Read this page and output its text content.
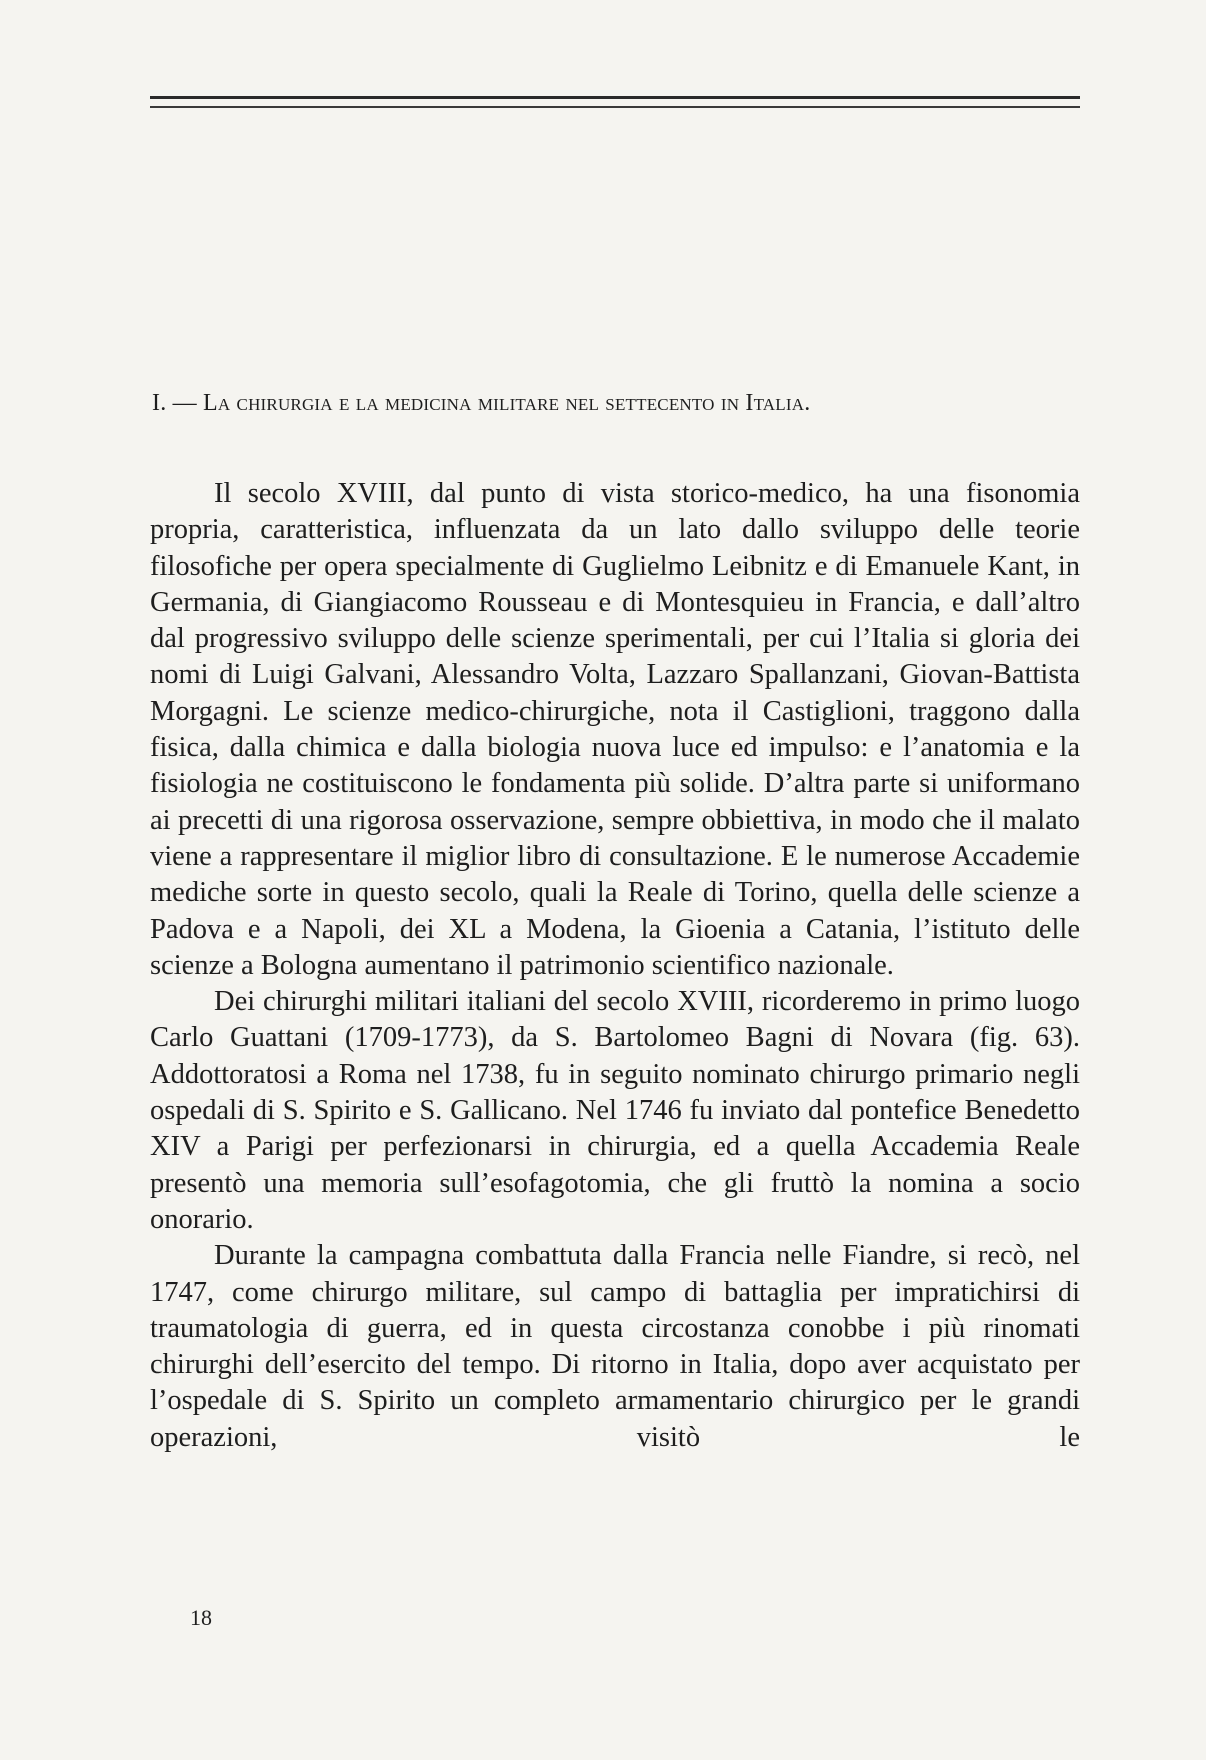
I. — La chirurgia e la medicina militare nel settecento in Italia.

Il secolo XVIII, dal punto di vista storico-medico, ha una fisonomia propria, caratteristica, influenzata da un lato dallo sviluppo delle teorie filosofiche per opera specialmente di Guglielmo Leibnitz e di Emanuele Kant, in Germania, di Giangiacomo Rousseau e di Montesquieu in Francia, e dall’altro dal progressivo sviluppo delle scienze sperimentali, per cui l’Italia si gloria dei nomi di Luigi Galvani, Alessandro Volta, Lazzaro Spallanzani, Giovan-Battista Morgagni. Le scienze medico-chirurgiche, nota il Castiglioni, traggono dalla fisica, dalla chimica e dalla biologia nuova luce ed impulso: e l’anatomia e la fisiologia ne costituiscono le fondamenta più solide. D’altra parte si uniformano ai precetti di una rigorosa osservazione, sempre obbiettiva, in modo che il malato viene a rappresentare il miglior libro di consultazione. E le numerose Accademie mediche sorte in questo secolo, quali la Reale di Torino, quella delle scienze a Padova e a Napoli, dei XL a Modena, la Gioenia a Catania, l’istituto delle scienze a Bologna aumentano il patrimonio scientifico nazionale.

Dei chirurghi militari italiani del secolo XVIII, ricorderemo in primo luogo Carlo Guattani (1709-1773), da S. Bartolomeo Bagni di Novara (fig. 63). Addottoratosi a Roma nel 1738, fu in seguito nominato chirurgo primario negli ospedali di S. Spirito e S. Gallicano. Nel 1746 fu inviato dal pontefice Benedetto XIV a Parigi per perfezionarsi in chirurgia, ed a quella Accademia Reale presentò una memoria sull’esofagotomia, che gli fruttò la nomina a socio onorario.

Durante la campagna combattuta dalla Francia nelle Fiandre, si recò, nel 1747, come chirurgo militare, sul campo di battaglia per impratichirsi di traumatologia di guerra, ed in questa circostanza conobbe i più rinomati chirurghi dell’esercito del tempo. Di ritorno in Italia, dopo aver acquistato per l’ospedale di S. Spirito un completo armamentario chirurgico per le grandi operazioni, visitò le

18
